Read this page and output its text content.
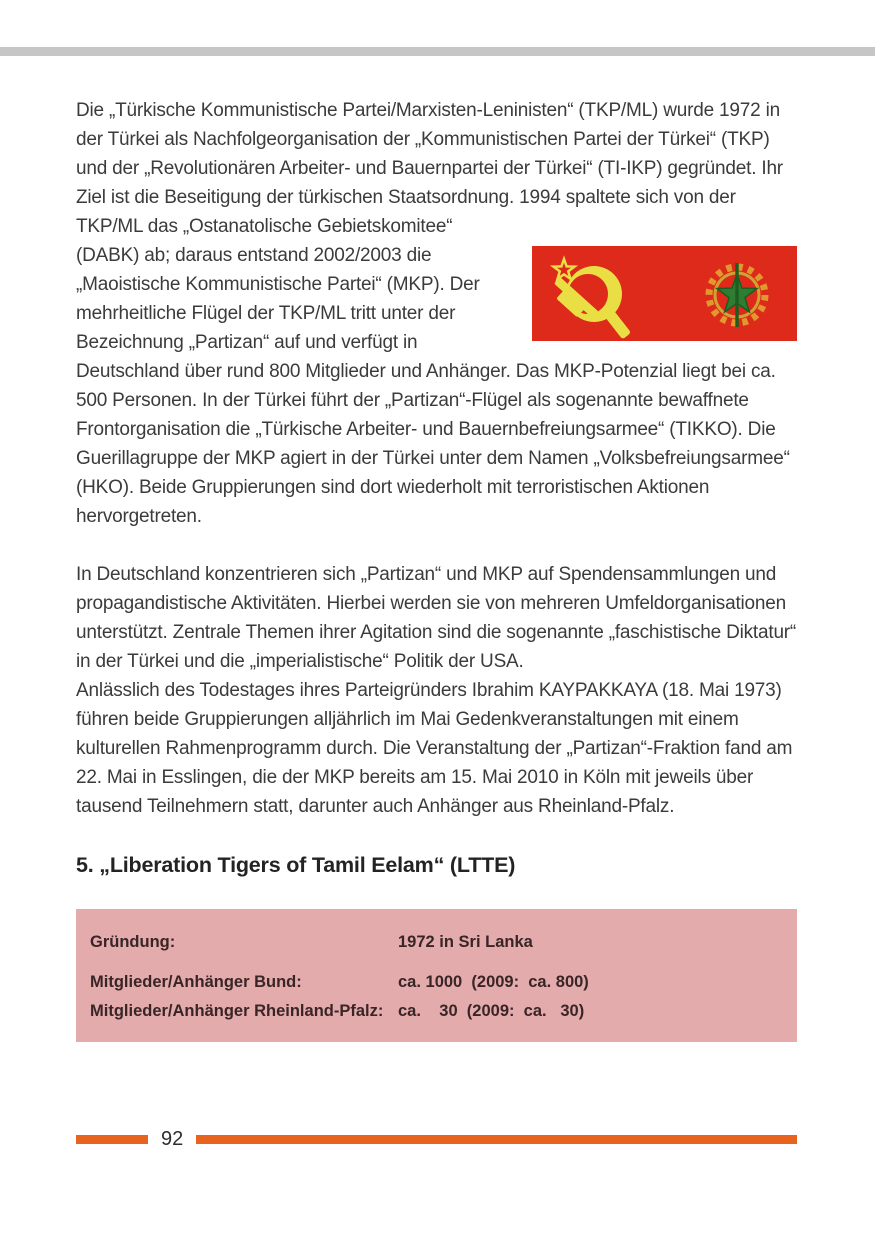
Die „Türkische Kommunistische Partei/Marxisten-Leninisten“ (TKP/ML) wurde 1972 in der Türkei als Nachfolgeorganisation der „Kommunistischen Partei der Türkei“ (TKP) und der „Revolutionären Arbeiter- und Bauernpartei der Türkei“ (TI-IKP) gegründet. Ihr Ziel ist die Beseitigung der türkischen Staatsordnung. 1994 spaltete sich von der TKP/ML das „Ostanatolische Gebietskomitee“

(DABK) ab; daraus entstand 2002/2003 die „Maoistische Kommunistische Partei“ (MKP). Der mehrheitliche Flügel der TKP/ML tritt unter der Bezeichnung „Partizan“ auf und verfügt in Deutschland über rund 800 Mitglieder und Anhänger. Das MKP-Potenzial liegt bei ca. 500 Personen. In der Türkei führt der „Partizan“-Flügel als sogenannte bewaffnete Frontorganisation die „Türkische Arbeiter- und Bauernbefreiungsarmee“ (TIKKO). Die Guerillagruppe der MKP agiert in der Türkei unter dem Namen „Volksbefreiungsarmee“ (HKO). Beide Gruppierungen sind dort wiederholt mit terroristischen Aktionen hervorgetreten.

In Deutschland konzentrieren sich „Partizan“ und MKP auf Spendensammlungen und propagandistische Aktivitäten. Hierbei werden sie von mehreren Umfeldorganisationen unterstützt. Zentrale Themen ihrer Agitation sind die sogenannte „faschistische Diktatur“ in der Türkei und die „imperialistische“ Politik der USA.

Anlässlich des Todestages ihres Parteigründers Ibrahim KAYPAKKAYA (18. Mai 1973) führen beide Gruppierungen alljährlich im Mai Gedenkveranstaltungen mit einem kulturellen Rahmenprogramm durch. Die Veranstaltung der „Partizan“-Fraktion fand am 22. Mai in Esslingen, die der MKP bereits am 15. Mai 2010 in Köln mit jeweils über tausend Teilnehmern statt, darunter auch Anhänger aus Rheinland-Pfalz.

5. „Liberation Tigers of Tamil Eelam“ (LTTE)
Gründung:	1972 in Sri Lanka
Mitglieder/Anhänger Bund:	ca. 1000  (2009:  ca. 800)
Mitglieder/Anhänger Rheinland-Pfalz: ca.    30  (2009:  ca.   30)
92
